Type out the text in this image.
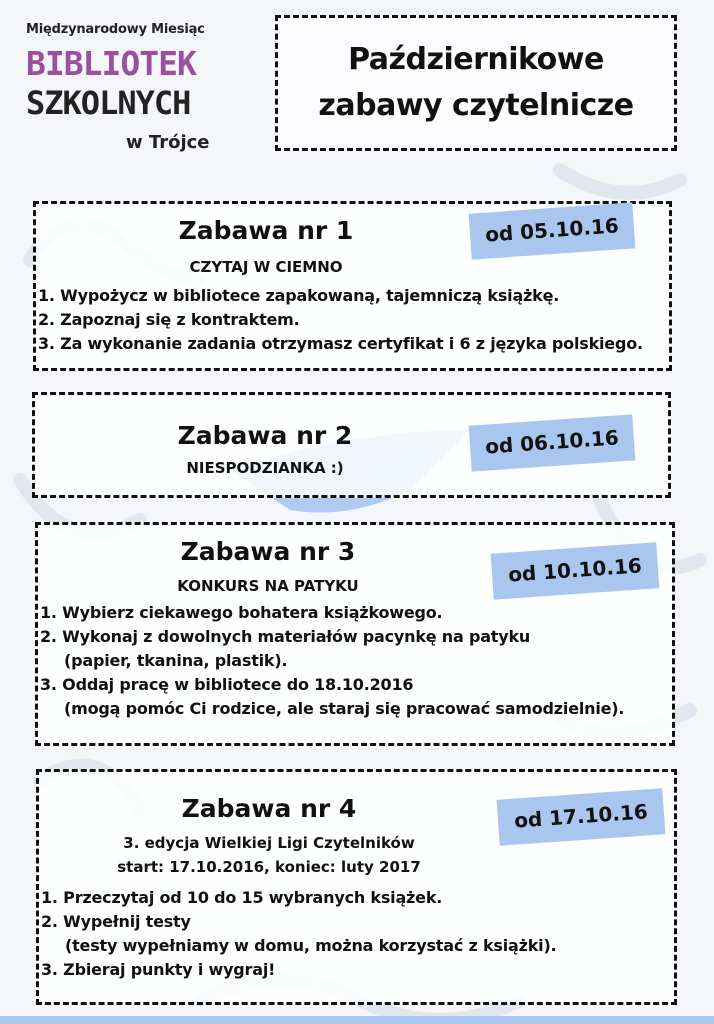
Międzynarodowy Miesiąc
BIBLIOTEK
SZKOLNYCH
w Trójce
Październikowe
zabawy czytelnicze
Zabawa nr 1
CZYTAJ W CIEMNO
1. Wypożycz w bibliotece zapakowaną, tajemniczą książkę.
2. Zapoznaj się z kontraktem.
3. Za wykonanie zadania otrzymasz certyfikat i 6 z języka polskiego.
od 05.10.16
Zabawa nr 2
NIESPODZIANKA :)
od 06.10.16
Zabawa nr 3
KONKURS NA PATYKU
1. Wybierz ciekawego bohatera książkowego.
2. Wykonaj z dowolnych materiałów pacynkę na patyku
(papier, tkanina, plastik).
3. Oddaj pracę w bibliotece do 18.10.2016
(mogą pomóc Ci rodzice, ale staraj się pracować samodzielnie).
od 10.10.16
Zabawa nr 4
3. edycja Wielkiej Ligi Czytelników
start: 17.10.2016, koniec: luty 2017
1. Przeczytaj od 10 do 15 wybranych książek.
2. Wypełnij testy
(testy wypełniamy w domu, można korzystać z książki).
3. Zbieraj punkty i wygraj!
od 17.10.16
